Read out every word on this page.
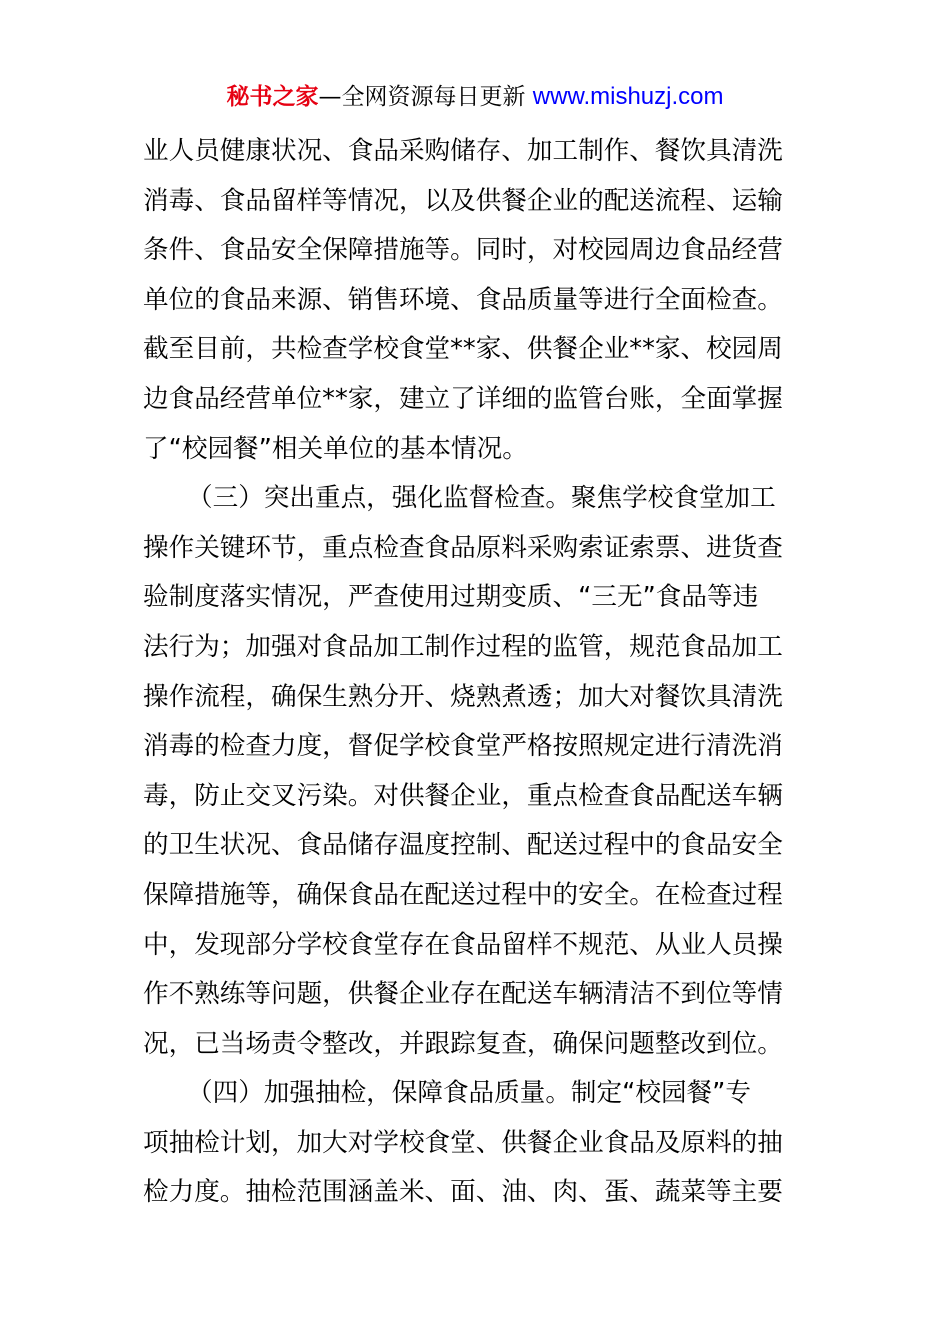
秘书之家—全网资源每日更新 www.mishuzj.com
业人员健康状况、食品采购储存、加工制作、餐饮具清洗
消毒、食品留样等情况，以及供餐企业的配送流程、运输
条件、食品安全保障措施等。同时，对校园周边食品经营
单位的食品来源、销售环境、食品质量等进行全面检查。
截至目前，共检查学校食堂**家、供餐企业**家、校园周
边食品经营单位**家，建立了详细的监管台账，全面掌握
了“校园餐”相关单位的基本情况。
（三）突出重点，强化监督检查。聚焦学校食堂加工
操作关键环节，重点检查食品原料采购索证索票、进货查
验制度落实情况，严查使用过期变质、“三无”食品等违
法行为；加强对食品加工制作过程的监管，规范食品加工
操作流程，确保生熟分开、烧熟煮透；加大对餐饮具清洗
消毒的检查力度，督促学校食堂严格按照规定进行清洗消
毒，防止交叉污染。对供餐企业，重点检查食品配送车辆
的卫生状况、食品储存温度控制、配送过程中的食品安全
保障措施等，确保食品在配送过程中的安全。在检查过程
中，发现部分学校食堂存在食品留样不规范、从业人员操
作不熟练等问题，供餐企业存在配送车辆清洁不到位等情
况，已当场责令整改，并跟踪复查，确保问题整改到位。
（四）加强抽检，保障食品质量。制定“校园餐”专
项抽检计划，加大对学校食堂、供餐企业食品及原料的抽
检力度。抽检范围涵盖米、面、油、肉、蛋、蔬菜等主要
